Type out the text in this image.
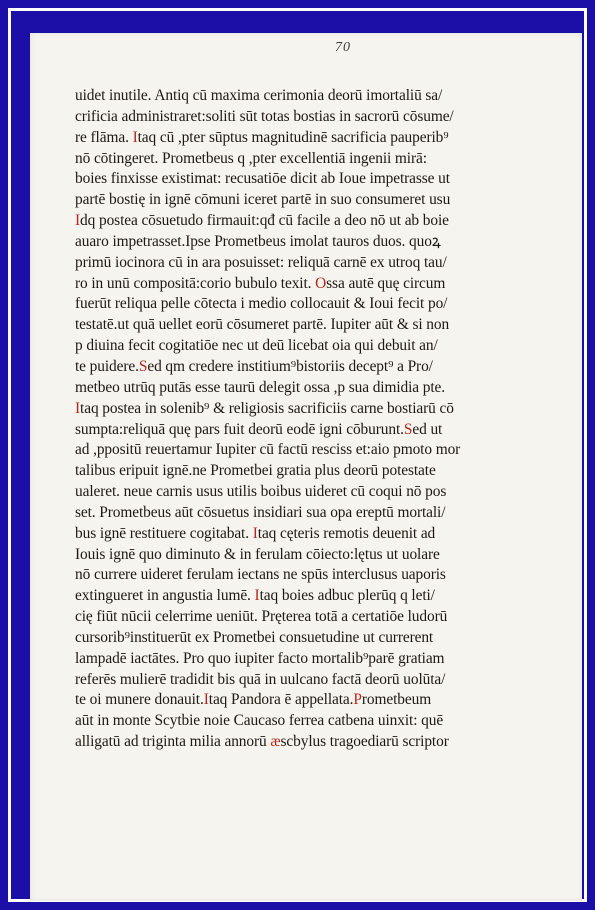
70
uidet inutile. Antiq cū maxima cerimonia deorū imortaliū sa/
crificia administraret:soliti sūt totas bostias in sacrorū cōsume/
re flāma. Itaq cū ,pter sūptus magnitudinē sacrificia pauperib⁹
nō cōtingeret. Prometbeus q ,pter excellentiā ingenii mirā:
boies finxisse existimat: recusatiōe dicit ab Ioue impetrasse ut
partē bostię in ignē cōmuni iceret partē in suo consumeret usu
Idq postea cōsuetudo firmauit:qđ cū facile a deo nō ut ab boie
auaro impetrasset.Ipse Prometbeus imolat tauros duos. quoꝝ
primū iocinora cū in ara posuisset: reliquā carnē ex utroq tau/
ro in unū compositā:corio bubulo texit. Ossa autē quę circum
fuerūt reliqua pelle cōtecta i medio collocauit & Ioui fecit po/
testatē.ut quā uellet eorū cōsumeret partē. Iupiter aūt & si non
p diuina fecit cogitatiōe nec ut deū licebat oia qui debuit an/
te puidere.Sed qm credere institium⁹bistoriis decept⁹ a Pro/
metbeo utrūq putās esse taurū delegit ossa ,p sua dimidia pte.
Itaq postea in solenib⁹ & religiosis sacrificiis carne bostiarū cō
sumpta:reliquā quę pars fuit deorū eodē igni cōburunt.Sed ut
ad ,ppositū reuertamur Iupiter cū factū resciss et:aio pmoto mor
talibus eripuit ignē.ne Prometbei gratia plus deorū potestate
ualeret. neue carnis usus utilis boibus uideret cū coqui nō pos
set. Prometbeus aūt cōsuetus insidiari sua opa ereptū mortali/
bus ignē restituere cogitabat. Itaq cęteris remotis deuenit ad
Iouis ignē quo diminuto & in ferulam cōiecto:lętus ut uolare
nō currere uideret ferulam iectans ne spūs interclusus uaporis
extingueret in angustia lumē. Itaq boies adbuc plerūq q leti/
cię fiūt nūcii celerrime ueniūt. Pręterea totā a certatiōe ludorū
cursorib⁹instituerūt ex Prometbei consuetudine ut currerent
lampadē iactātes. Pro quo iupiter facto mortalib⁹parē gratiam
referēs mulierē tradidit bis quā in uulcano factā deorū uolūta/
te oi munere donauit.Itaq Pandora ē appellata.Prometbeum
aūt in monte Scytbie noie Caucaso ferrea catbena uinxit: quē
alligatū ad triginta milia annorū æscbylus tragoediarū scriptor
